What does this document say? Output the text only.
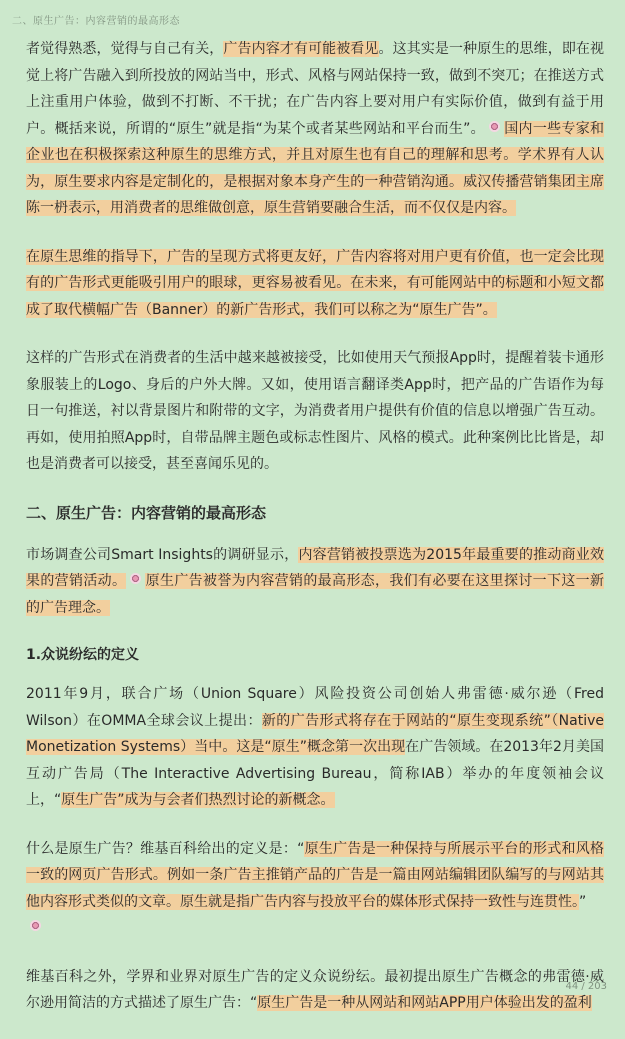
二、原生广告：内容营销的最高形态

者觉得熟悉，觉得与自己有关，广告内容才有可能被看见。这其实是一种原生的思维，即在视觉上将广告融入到所投放的网站当中，形式、风格与网站保持一致，做到不突兀；在推送方式上注重用户体验，做到不打断、不干扰；在广告内容上要对用户有实际价值，做到有益于用户。概括来说，所谓的“原生”就是指“为某个或者某些网站和平台而生”。 国内一些专家和企业也在积极探索这种原生的思维方式，并且对原生也有自己的理解和思考。学术界有人认为，原生要求内容是定制化的，是根据对象本身产生的一种营销沟通。威汉传播营销集团主席陈一枬表示，用消费者的思维做创意，原生营销要融合生活，而不仅仅是内容。

在原生思维的指导下，广告的呈现方式将更友好，广告内容将对用户更有价值，也一定会比现有的广告形式更能吸引用户的眼球，更容易被看见。在未来，有可能网站中的标题和小短文都成了取代横幅广告（Banner）的新广告形式，我们可以称之为“原生广告”。

这样的广告形式在消费者的生活中越来越被接受，比如使用天气预报App时，提醒着装卡通形象服装上的Logo、身后的户外大牌。又如，使用语言翻译类App时，把产品的广告语作为每日一句推送，衬以背景图片和附带的文字，为消费者用户提供有价值的信息以增强广告互动。再如，使用拍照App时，自带品牌主题色或标志性图片、风格的模式。此种案例比比皆是，却也是消费者可以接受，甚至喜闻乐见的。

二、原生广告：内容营销的最高形态

市场调查公司Smart Insights的调研显示，内容营销被投票选为2015年最重要的推动商业效果的营销活动。 原生广告被誉为内容营销的最高形态，我们有必要在这里探讨一下这一新的广告理念。

1.众说纷纭的定义

2011年9月，联合广场（Union Square）风险投资公司创始人弗雷德·威尔逊（Fred Wilson）在OMMA全球会议上提出：新的广告形式将存在于网站的“原生变现系统”（Native Monetization Systems）当中。这是“原生”概念第一次出现在广告领域。在2013年2月美国互动广告局（The Interactive Advertising Bureau，简称IAB）举办的年度领袖会议上，“原生广告”成为与会者们热烈讨论的新概念。

什么是原生广告？维基百科给出的定义是：“原生广告是一种保持与所展示平台的形式和风格一致的网页广告形式。例如一条广告主推销产品的广告是一篇由网站编辑团队编写的与网站其他内容形式类似的文章。原生就是指广告内容与投放平台的媒体形式保持一致性与连贯性。”

维基百科之外，学界和业界对原生广告的定义众说纷纭。最初提出原生广告概念的弗雷德·威尔逊用简洁的方式描述了原生广告：“原生广告是一种从网站和网站APP用户体验出发的盈利

44 / 203
